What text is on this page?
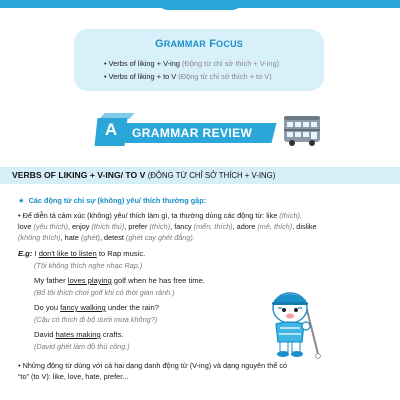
GRAMMAR FOCUS
• Verbs of liking + V-ing (Động từ chỉ sở thích + V-ing)
• Verbs of liking + to V (Động từ chỉ sở thích + to V)
A	GRAMMAR REVIEW
VERBS OF LIKING + V-ING/ TO V (ĐỘNG TỪ CHỈ SỞ THÍCH + V-ING)
★ Các động từ chỉ sự (không) yêu/ thích thường gặp:
• Để diễn tả cảm xúc (không) yêu/ thích làm gì, ta thường dùng các động từ: like (thích),
love (yêu thích), enjoy (thích thú), prefer (thích), fancy (mến, thích), adore (mê, thích), dislike
(không thích), hate (ghét), detest (ghét cay ghét đắng).
E.g: I don't like to listen to Rap music.
(Tôi không thích nghe nhạc Rap.)
My father loves playing golf when he has free time.
(Bố tôi thích chơi golf khi có thời gian rảnh.)
Do you fancy walking under the rain?
(Cậu có thích đi bộ dưới mưa không?)
David hates making crafts.
(David ghét làm đồ thủ công.)
• Những động từ dùng với cả hai dạng danh động từ (V-ing) và dạng nguyên thể có
“to” (to V): like, love, hate, prefer...
